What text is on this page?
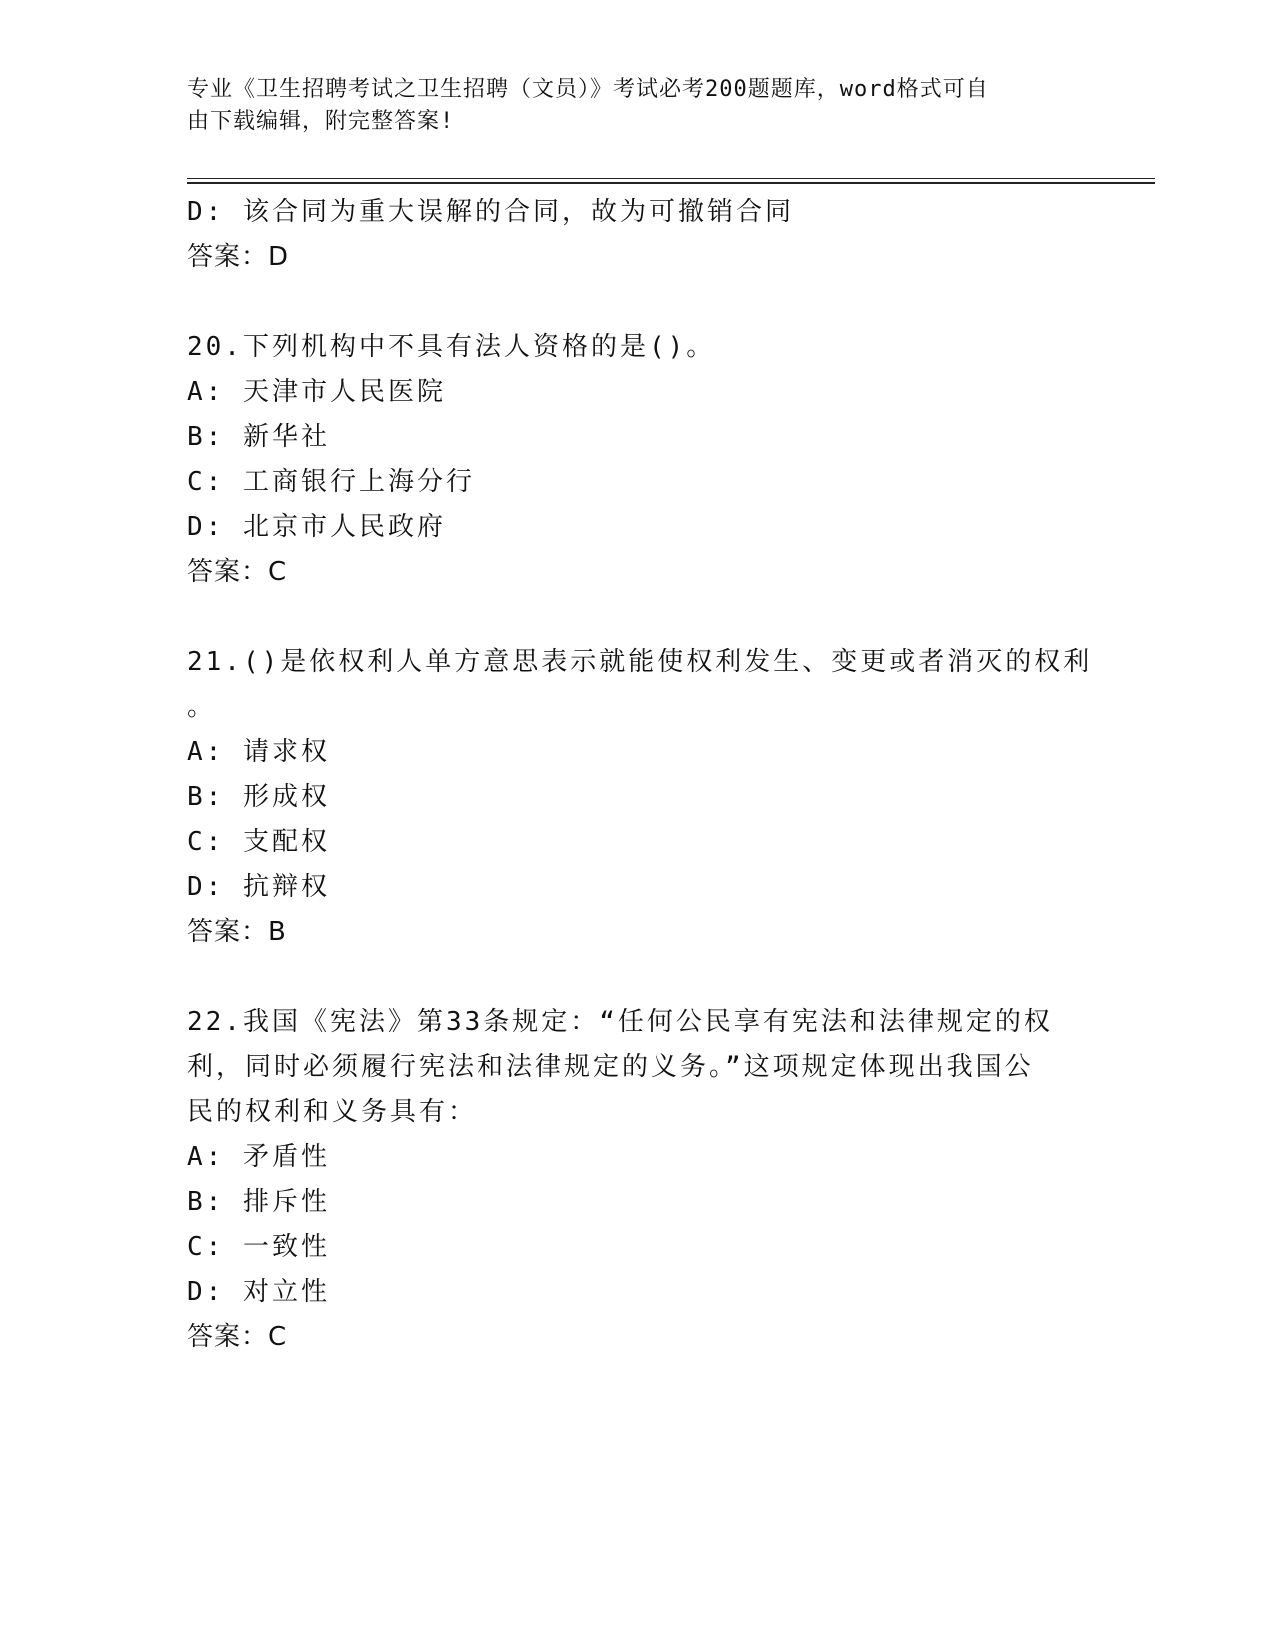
专业《卫生招聘考试之卫生招聘（文员）》考试必考200题题库，word格式可自
由下载编辑，附完整答案!
D: 该合同为重大误解的合同，故为可撤销合同
答案：D
20.下列机构中不具有法人资格的是()。
A: 天津市人民医院
B: 新华社
C: 工商银行上海分行
D: 北京市人民政府
答案：C
21.()是依权利人单方意思表示就能使权利发生、变更或者消灭的权利
。
A: 请求权
B: 形成权
C: 支配权
D: 抗辩权
答案：B
22.我国《宪法》第33条规定：“任何公民享有宪法和法律规定的权
利，同时必须履行宪法和法律规定的义务。”这项规定体现出我国公
民的权利和义务具有：
A: 矛盾性
B: 排斥性
C: 一致性
D: 对立性
答案：C
